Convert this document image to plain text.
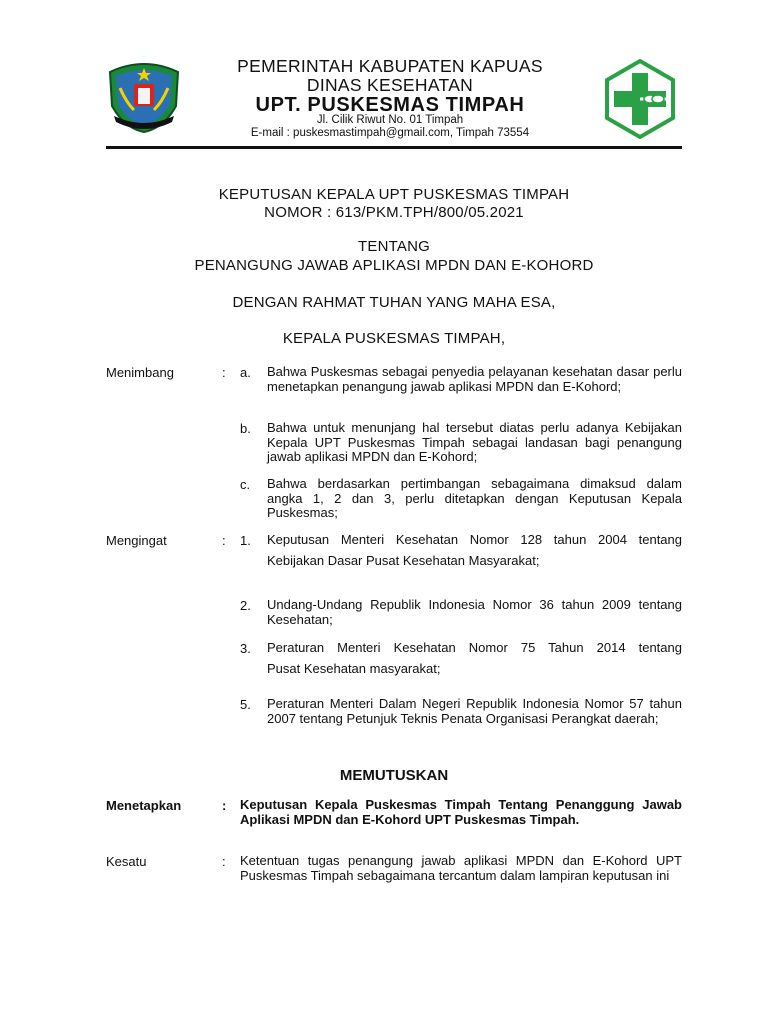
PEMERINTAH KABUPATEN KAPUAS
DINAS KESEHATAN
UPT. PUSKESMAS TIMPAH
Jl. Cilik Riwut No. 01 Timpah
E-mail : puskesmastimpah@gmail.com, Timpah 73554
KEPUTUSAN KEPALA UPT PUSKESMAS TIMPAH
NOMOR : 613/PKM.TPH/800/05.2021
TENTANG
PENANGUNG JAWAB APLIKASI MPDN DAN E-KOHORD
DENGAN RAHMAT TUHAN YANG MAHA ESA,
KEPALA PUSKESMAS TIMPAH,
Menimbang	: a. Bahwa Puskesmas sebagai penyedia pelayanan kesehatan dasar perlu menetapkan penangung jawab aplikasi MPDN dan E-Kohord;
b. Bahwa untuk menunjang hal tersebut diatas perlu adanya Kebijakan Kepala UPT Puskesmas Timpah sebagai landasan bagi penangung jawab aplikasi MPDN dan E-Kohord;
c. Bahwa berdasarkan pertimbangan sebagaimana dimaksud dalam angka 1, 2 dan 3, perlu ditetapkan dengan Keputusan Kepala Puskesmas;
Mengingat	: 1. Keputusan Menteri Kesehatan Nomor 128 tahun 2004 tentang
Kebijakan Dasar Pusat Kesehatan Masyarakat;
2. Undang-Undang Republik Indonesia Nomor 36 tahun 2009 tentang Kesehatan;
3. Peraturan Menteri Kesehatan Nomor 75 Tahun 2014 tentang
Pusat Kesehatan masyarakat;
5. Peraturan Menteri Dalam Negeri Republik Indonesia Nomor 57 tahun 2007 tentang Petunjuk Teknis Penata Organisasi Perangkat daerah;
MEMUTUSKAN
Menetapkan	: Keputusan Kepala Puskesmas Timpah Tentang Penanggung Jawab Aplikasi MPDN dan E-Kohord UPT Puskesmas Timpah.
Kesatu	: Ketentuan tugas penangung jawab aplikasi MPDN dan E-Kohord UPT Puskesmas Timpah sebagaimana tercantum dalam lampiran keputusan ini
